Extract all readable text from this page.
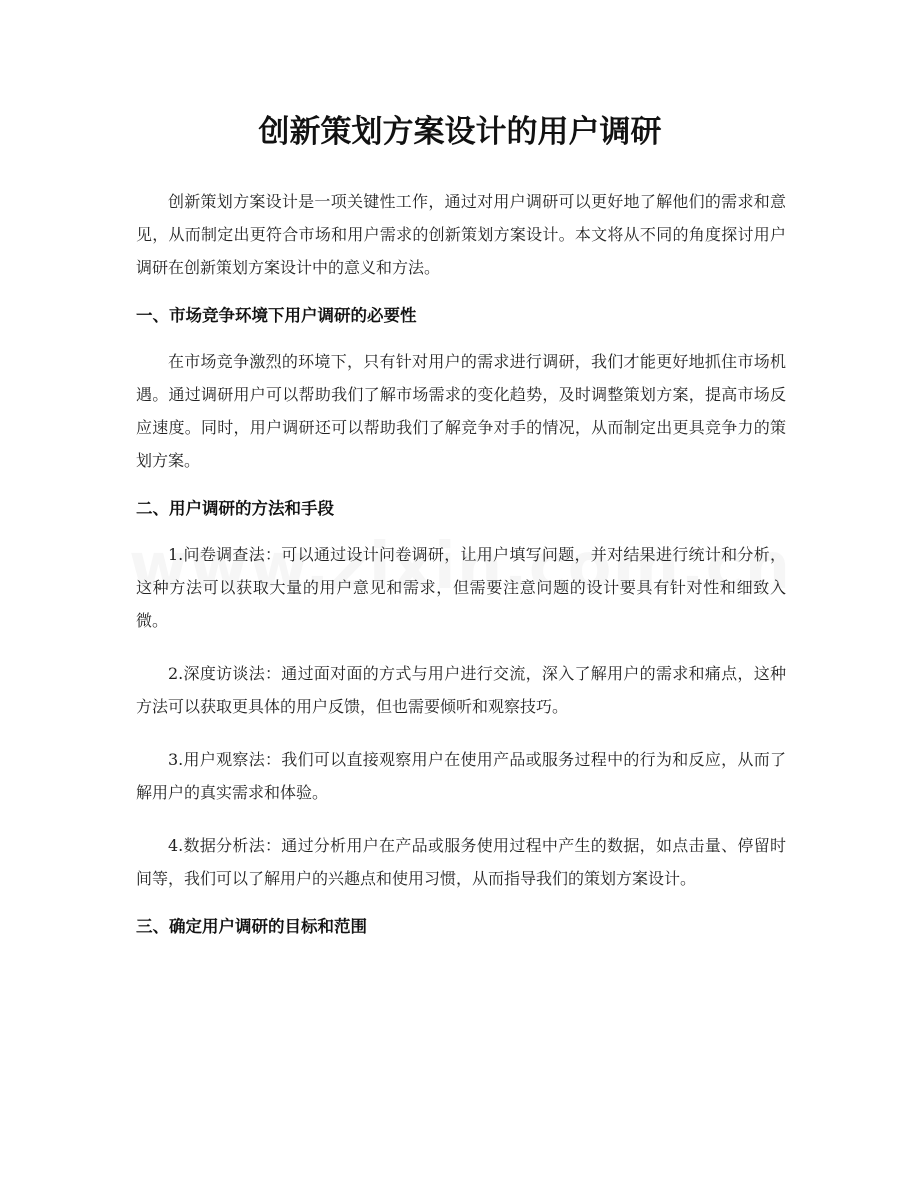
创新策划方案设计的用户调研

创新策划方案设计是一项关键性工作，通过对用户调研可以更好地了解他们的需求和意见，从而制定出更符合市场和用户需求的创新策划方案设计。本文将从不同的角度探讨用户调研在创新策划方案设计中的意义和方法。

一、市场竞争环境下用户调研的必要性

在市场竞争激烈的环境下，只有针对用户的需求进行调研，我们才能更好地抓住市场机遇。通过调研用户可以帮助我们了解市场需求的变化趋势，及时调整策划方案，提高市场反应速度。同时，用户调研还可以帮助我们了解竞争对手的情况，从而制定出更具竞争力的策划方案。

二、用户调研的方法和手段

1.问卷调查法：可以通过设计问卷调研，让用户填写问题，并对结果进行统计和分析，这种方法可以获取大量的用户意见和需求，但需要注意问题的设计要具有针对性和细致入微。

2.深度访谈法：通过面对面的方式与用户进行交流，深入了解用户的需求和痛点，这种方法可以获取更具体的用户反馈，但也需要倾听和观察技巧。

3.用户观察法：我们可以直接观察用户在使用产品或服务过程中的行为和反应，从而了解用户的真实需求和体验。

4.数据分析法：通过分析用户在产品或服务使用过程中产生的数据，如点击量、停留时间等，我们可以了解用户的兴趣点和使用习惯，从而指导我们的策划方案设计。

三、确定用户调研的目标和范围
